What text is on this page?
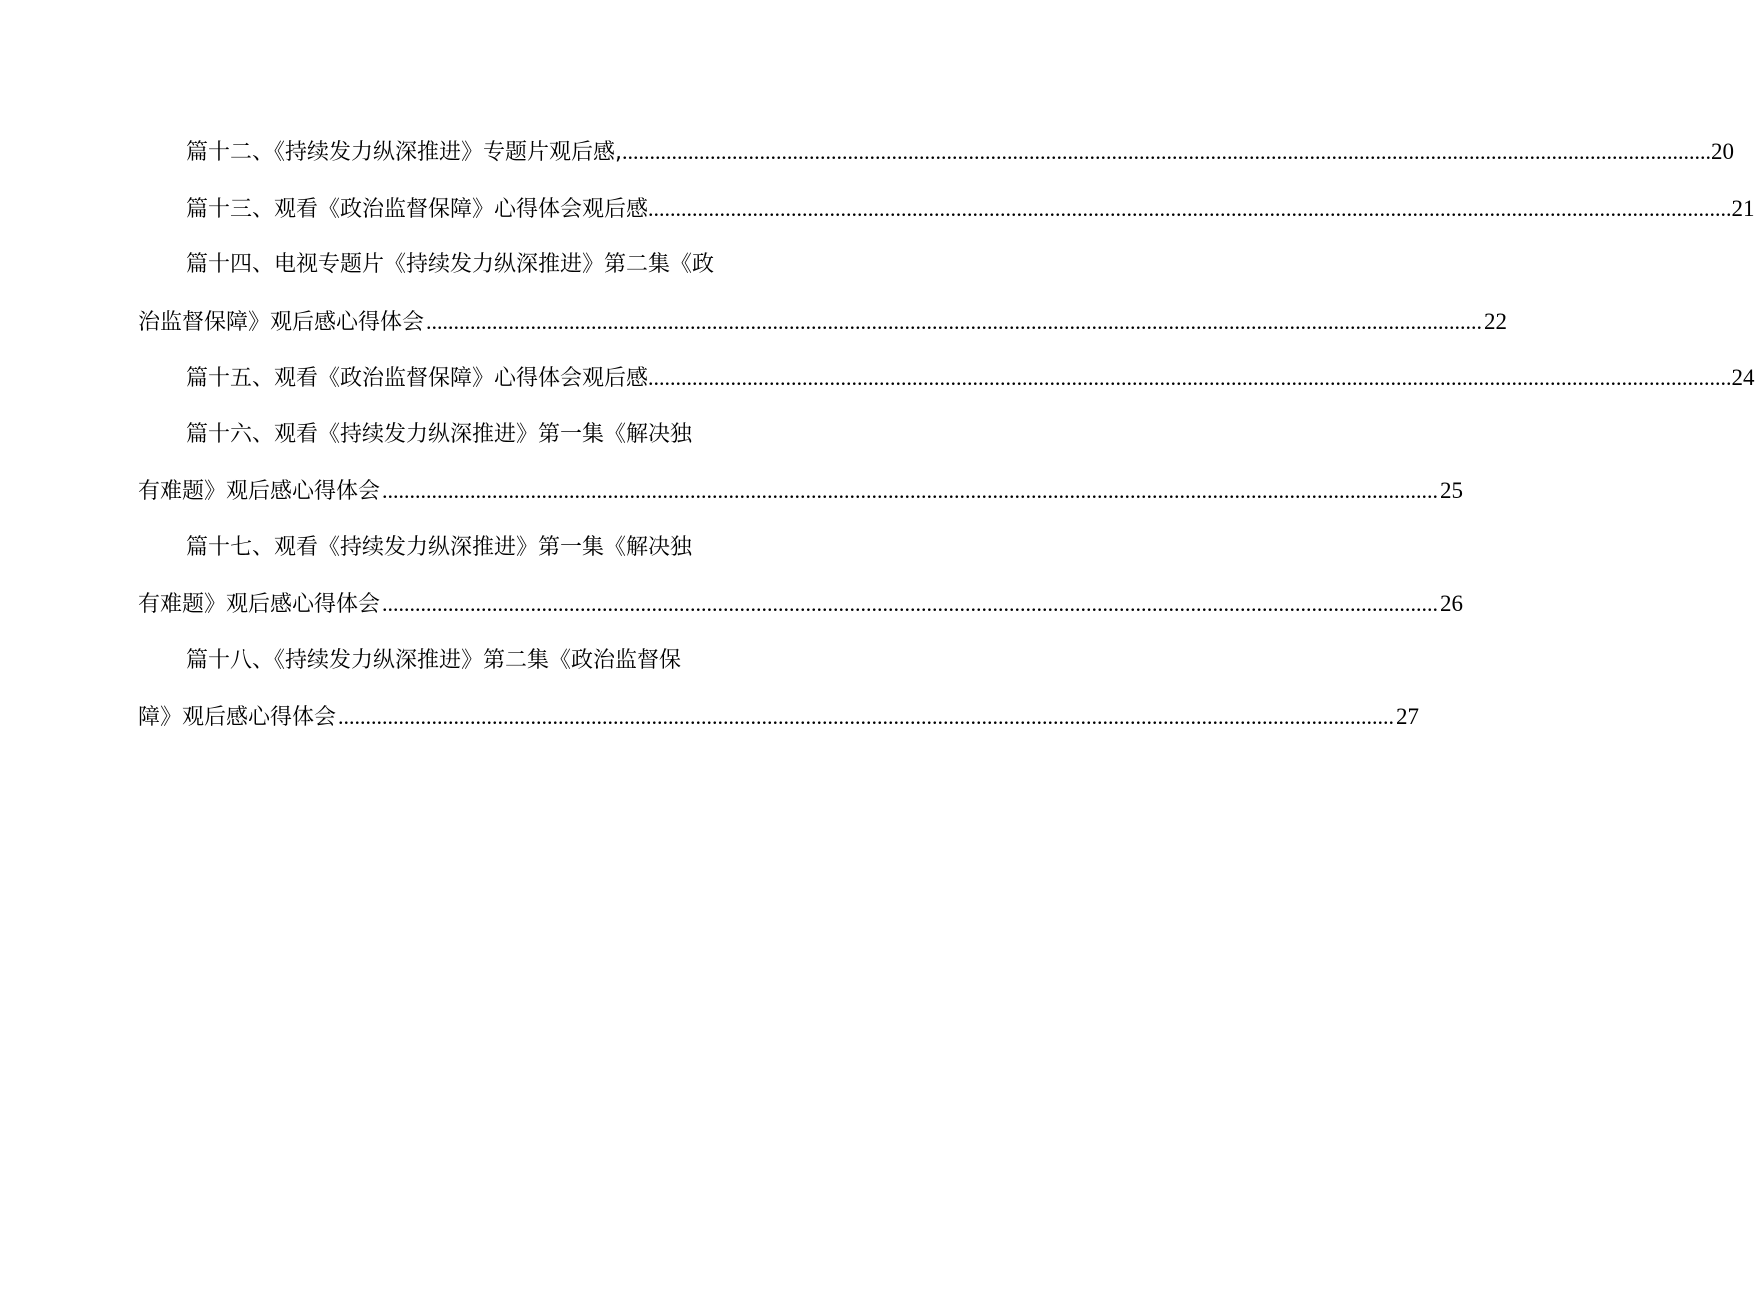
篇十二、《持续发力纵深推进》专题片观后感,	..... ...... 20
篇十三、观看《政治监督保障》心得体会观后感	..... ..... 21
篇十四、电视专题片《持续发力纵深推进》第二集《政
治监督保障》观后感心得体会 .....	22
篇十五、观看《政治监督保障》心得体会观后感	..... ..... 24
篇十六、观看《持续发力纵深推进》第一集《解决独
有难题》观后感心得体会 .....	25
篇十七、观看《持续发力纵深推进》第一集《解决独
有难题》观后感心得体会 .....	26
篇十八、《持续发力纵深推进》第二集《政治监督保
障》观后感心得体会 .....	27
